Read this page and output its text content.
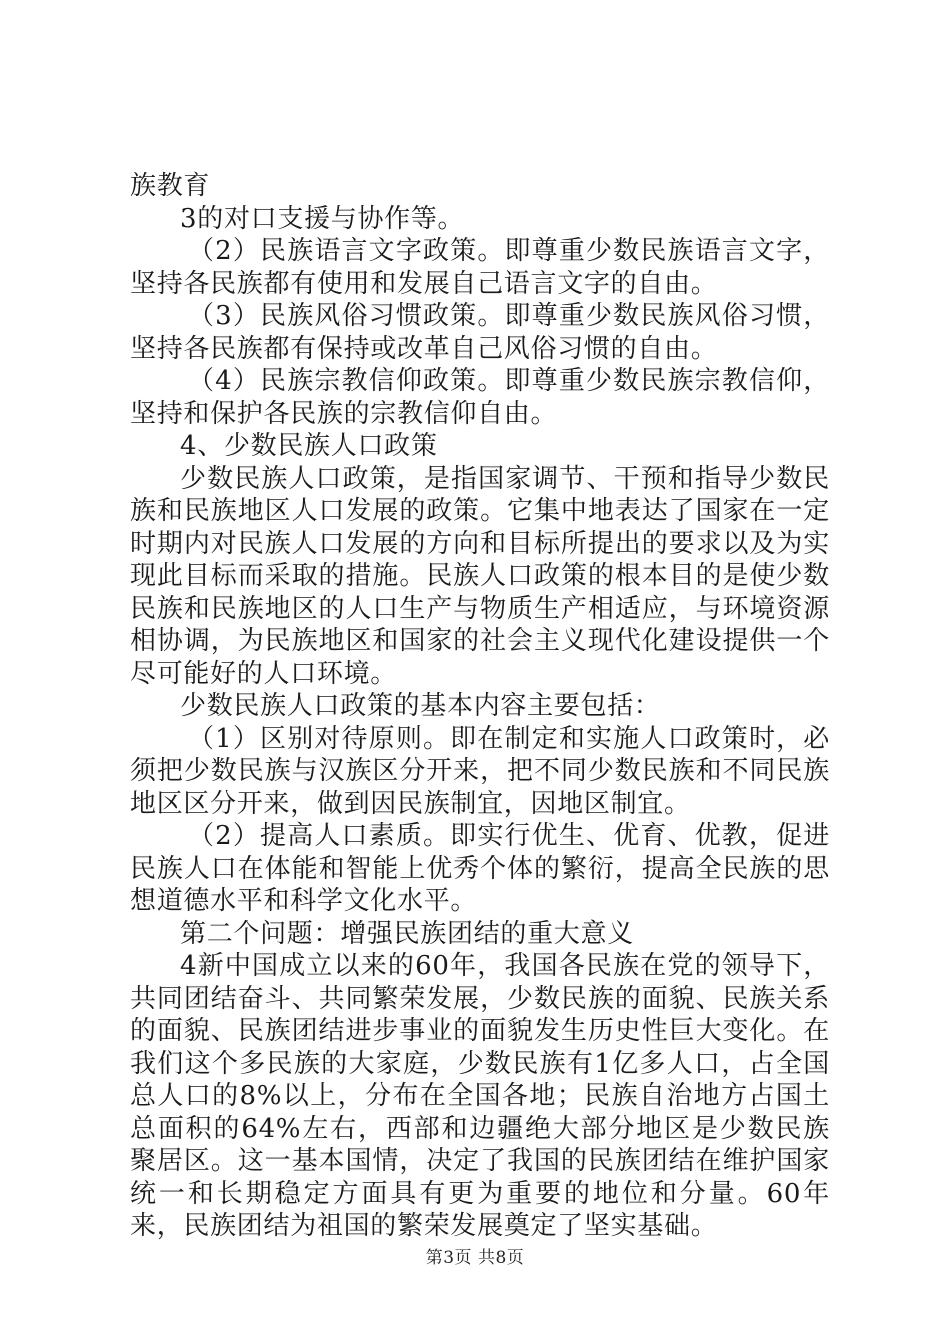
族教育

3的对口支援与协作等。

（2）民族语言文字政策。即尊重少数民族语言文字，坚持各民族都有使用和发展自己语言文字的自由。

（3）民族风俗习惯政策。即尊重少数民族风俗习惯，坚持各民族都有保持或改革自己风俗习惯的自由。

（4）民族宗教信仰政策。即尊重少数民族宗教信仰，坚持和保护各民族的宗教信仰自由。

4、少数民族人口政策

少数民族人口政策，是指国家调节、干预和指导少数民族和民族地区人口发展的政策。它集中地表达了国家在一定时期内对民族人口发展的方向和目标所提出的要求以及为实现此目标而采取的措施。民族人口政策的根本目的是使少数民族和民族地区的人口生产与物质生产相适应，与环境资源相协调，为民族地区和国家的社会主义现代化建设提供一个尽可能好的人口环境。

少数民族人口政策的基本内容主要包括：

（1）区别对待原则。即在制定和实施人口政策时，必须把少数民族与汉族区分开来，把不同少数民族和不同民族地区区分开来，做到因民族制宜，因地区制宜。

（2）提高人口素质。即实行优生、优育、优教，促进民族人口在体能和智能上优秀个体的繁衍，提高全民族的思想道德水平和科学文化水平。

第二个问题：增强民族团结的重大意义

4新中国成立以来的60年，我国各民族在党的领导下，共同团结奋斗、共同繁荣发展，少数民族的面貌、民族关系的面貌、民族团结进步事业的面貌发生历史性巨大变化。在我们这个多民族的大家庭，少数民族有1亿多人口，占全国总人口的8%以上，分布在全国各地；民族自治地方占国土总面积的64%左右，西部和边疆绝大部分地区是少数民族聚居区。这一基本国情，决定了我国的民族团结在维护国家统一和长期稳定方面具有更为重要的地位和分量。60年来，民族团结为祖国的繁荣发展奠定了坚实基础。

第3页 共8页
